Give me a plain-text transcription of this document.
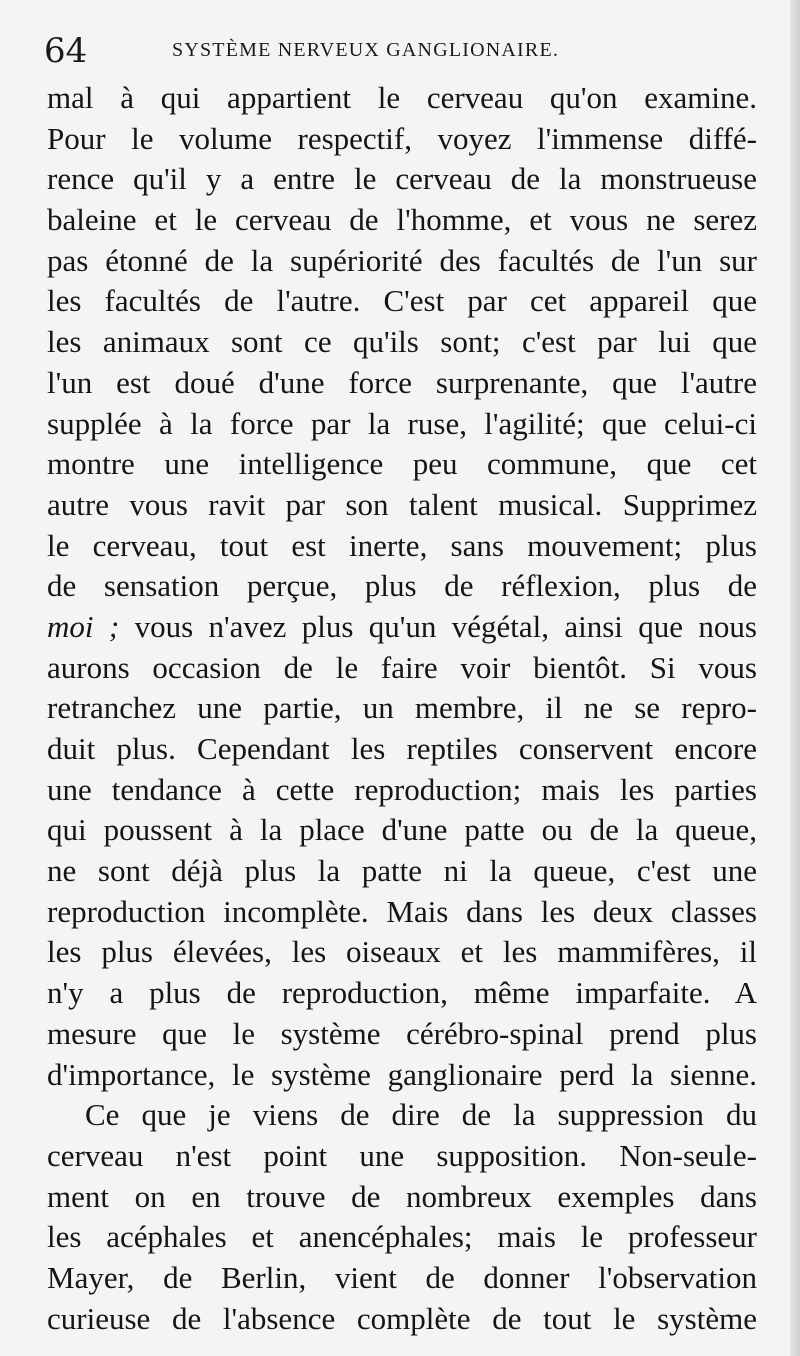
64	SYSTÈME NERVEUX GANGLIONAIRE.
mal à qui appartient le cerveau qu'on examine.
Pour le volume respectif, voyez l'immense diffé-
rence qu'il y a entre le cerveau de la monstrueuse
baleine et le cerveau de l'homme, et vous ne serez
pas étonné de la supériorité des facultés de l'un sur
les facultés de l'autre. C'est par cet appareil que
les animaux sont ce qu'ils sont; c'est par lui que
l'un est doué d'une force surprenante, que l'autre
supplée à la force par la ruse, l'agilité; que celui-ci
montre une intelligence peu commune, que cet
autre vous ravit par son talent musical. Supprimez
le cerveau, tout est inerte, sans mouvement; plus
de sensation perçue, plus de réflexion, plus de
moi ; vous n'avez plus qu'un végétal, ainsi que nous
aurons occasion de le faire voir bientôt. Si vous
retranchez une partie, un membre, il ne se repro-
duit plus. Cependant les reptiles conservent encore
une tendance à cette reproduction; mais les parties
qui poussent à la place d'une patte ou de la queue,
ne sont déjà plus la patte ni la queue, c'est une
reproduction incomplète. Mais dans les deux classes
les plus élevées, les oiseaux et les mammifères, il
n'y a plus de reproduction, même imparfaite. A
mesure que le système cérébro-spinal prend plus
d'importance, le système ganglionaire perd la sienne.
Ce que je viens de dire de la suppression du
cerveau n'est point une supposition. Non-seule-
ment on en trouve de nombreux exemples dans
les acéphales et anencéphales; mais le professeur
Mayer, de Berlin, vient de donner l'observation
curieuse de l'absence complète de tout le système
